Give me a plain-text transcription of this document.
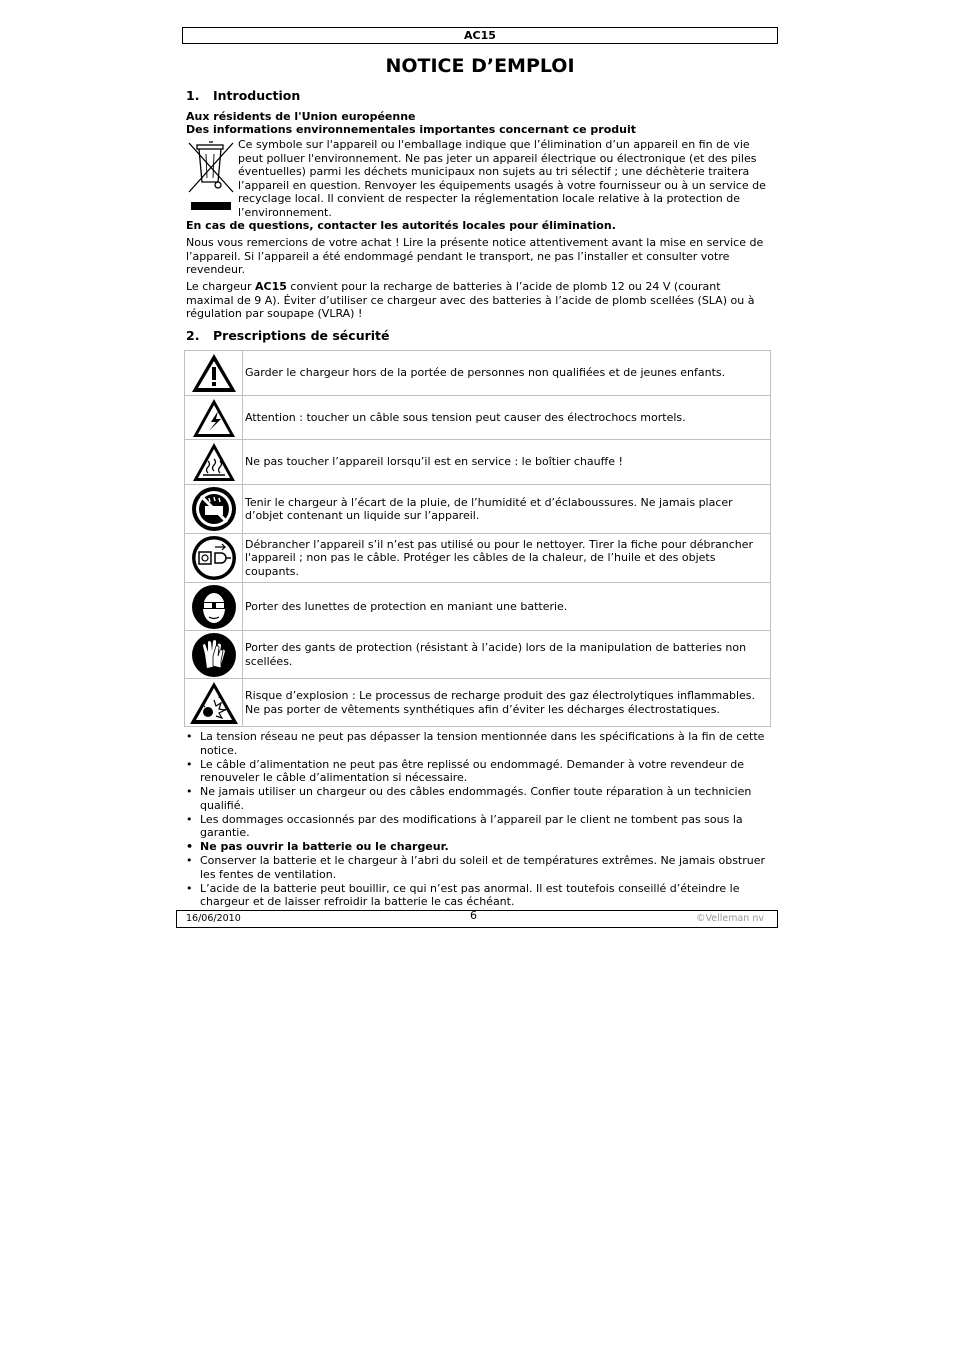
AC15
NOTICE D’EMPLOI
1. Introduction
Aux résidents de l'Union européenne
Des informations environnementales importantes concernant ce produit
Ce symbole sur l'appareil ou l'emballage indique que l’élimination d’un appareil en fin de vie peut polluer l'environnement. Ne pas jeter un appareil électrique ou électronique (et des piles éventuelles) parmi les déchets municipaux non sujets au tri sélectif ; une déchèterie traitera l’appareil en question. Renvoyer les équipements usagés à votre fournisseur ou à un service de recyclage local. Il convient de respecter la réglementation locale relative à la protection de l’environnement.
En cas de questions, contacter les autorités locales pour élimination.
Nous vous remercions de votre achat ! Lire la présente notice attentivement avant la mise en service de l’appareil. Si l’appareil a été endommagé pendant le transport, ne pas l’installer et consulter votre revendeur.
Le chargeur AC15 convient pour la recharge de batteries à l’acide de plomb 12 ou 24 V (courant maximal de 9 A). Éviter d’utiliser ce chargeur avec des batteries à l’acide de plomb scellées (SLA) ou à régulation par soupape (VLRA) !
2. Prescriptions de sécurité
	Garder le chargeur hors de la portée de personnes non qualifiées et de jeunes enfants.

	Attention : toucher un câble sous tension peut causer des électrochocs mortels.

	Ne pas toucher l’appareil lorsqu’il est en service : le boîtier chauffe !

	Tenir le chargeur à l’écart de la pluie, de l’humidité et d’éclaboussures. Ne jamais placer d’objet contenant un liquide sur l’appareil.

	Débrancher l’appareil s’il n’est pas utilisé ou pour le nettoyer. Tirer la fiche pour débrancher l'appareil ; non pas le câble. Protéger les câbles de la chaleur, de l’huile et des objets coupants.

	Porter des lunettes de protection en maniant une batterie.

	Porter des gants de protection (résistant à l’acide) lors de la manipulation de batteries non scellées.

	Risque d’explosion : Le processus de recharge produit des gaz électrolytiques inflammables. Ne pas porter de vêtements synthétiques afin d’éviter les décharges électrostatiques.
• La tension réseau ne peut pas dépasser la tension mentionnée dans les spécifications à la fin de cette notice.
• Le câble d’alimentation ne peut pas être replissé ou endommagé. Demander à votre revendeur de renouveler le câble d’alimentation si nécessaire.
• Ne jamais utiliser un chargeur ou des câbles endommagés. Confier toute réparation à un technicien qualifié.
• Les dommages occasionnés par des modifications à l’appareil par le client ne tombent pas sous la garantie.
• Ne pas ouvrir la batterie ou le chargeur.
• Conserver la batterie et le chargeur à l’abri du soleil et de températures extrêmes. Ne jamais obstruer les fentes de ventilation.
• L’acide de la batterie peut bouillir, ce qui n’est pas anormal. Il est toutefois conseillé d’éteindre le chargeur et de laisser refroidir la batterie le cas échéant.
16/06/2010	6	©Velleman nv
